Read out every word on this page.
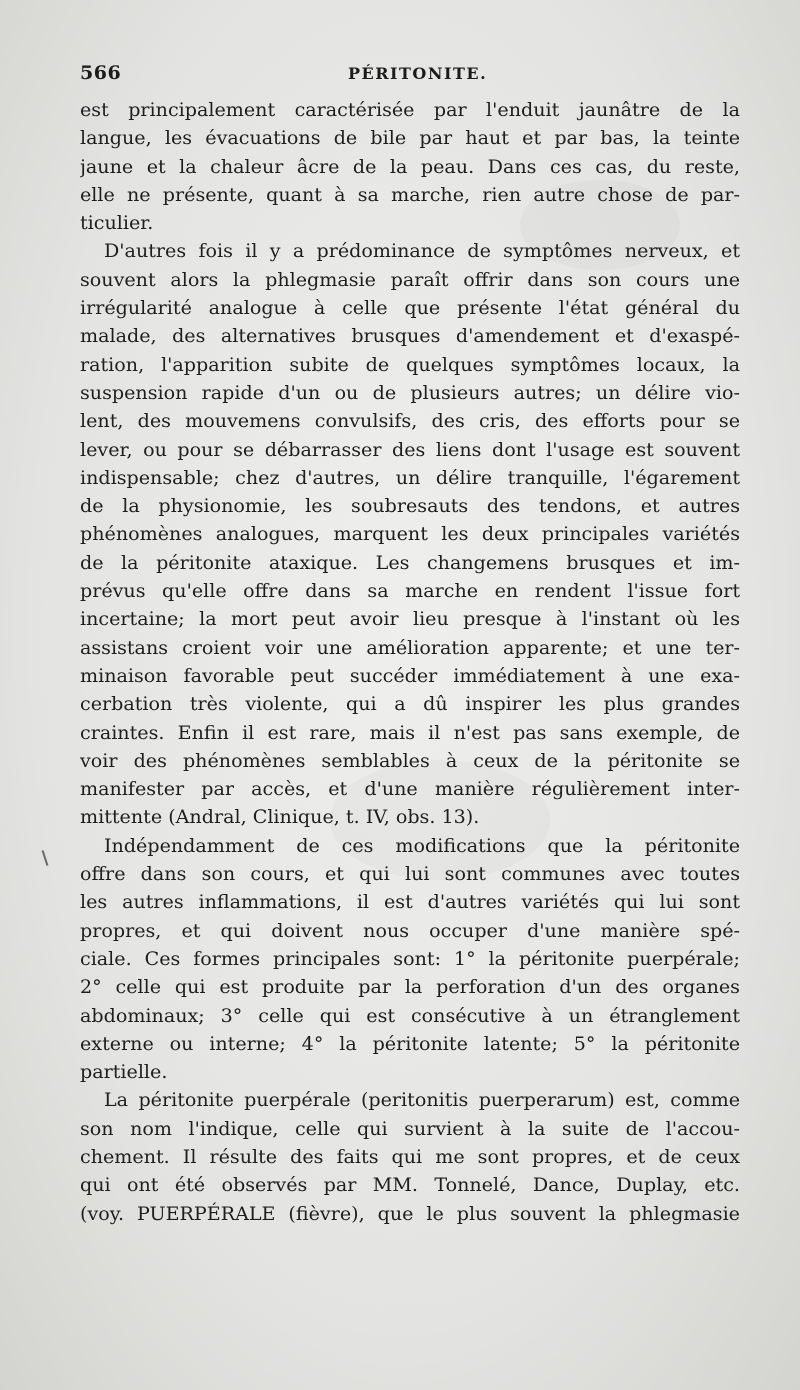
566	PÉRITONITE.
est principalement caractérisée par l'enduit jaunâtre de la
langue, les évacuations de bile par haut et par bas, la teinte
jaune et la chaleur âcre de la peau. Dans ces cas, du reste,
elle ne présente, quant à sa marche, rien autre chose de par-
ticulier.
D'autres fois il y a prédominance de symptômes nerveux, et
souvent alors la phlegmasie paraît offrir dans son cours une
irrégularité analogue à celle que présente l'état général du
malade, des alternatives brusques d'amendement et d'exaspé-
ration, l'apparition subite de quelques symptômes locaux, la
suspension rapide d'un ou de plusieurs autres; un délire vio-
lent, des mouvemens convulsifs, des cris, des efforts pour se
lever, ou pour se débarrasser des liens dont l'usage est souvent
indispensable; chez d'autres, un délire tranquille, l'égarement
de la physionomie, les soubresauts des tendons, et autres
phénomènes analogues, marquent les deux principales variétés
de la péritonite ataxique. Les changemens brusques et im-
prévus qu'elle offre dans sa marche en rendent l'issue fort
incertaine; la mort peut avoir lieu presque à l'instant où les
assistans croient voir une amélioration apparente; et une ter-
minaison favorable peut succéder immédiatement à une exa-
cerbation très violente, qui a dû inspirer les plus grandes
craintes. Enfin il est rare, mais il n'est pas sans exemple, de
voir des phénomènes semblables à ceux de la péritonite se
manifester par accès, et d'une manière régulièrement inter-
mittente (Andral, Clinique, t. IV, obs. 13).
Indépendamment de ces modifications que la péritonite
offre dans son cours, et qui lui sont communes avec toutes
les autres inflammations, il est d'autres variétés qui lui sont
propres, et qui doivent nous occuper d'une manière spé-
ciale. Ces formes principales sont: 1° la péritonite puerpérale;
2° celle qui est produite par la perforation d'un des organes
abdominaux; 3° celle qui est consécutive à un étranglement
externe ou interne; 4° la péritonite latente; 5° la péritonite
partielle.
La péritonite puerpérale (peritonitis puerperarum) est, comme
son nom l'indique, celle qui survient à la suite de l'accou-
chement. Il résulte des faits qui me sont propres, et de ceux
qui ont été observés par MM. Tonnelé, Dance, Duplay, etc.
(voy. PUERPÉRALE (fièvre), que le plus souvent la phlegmasie
